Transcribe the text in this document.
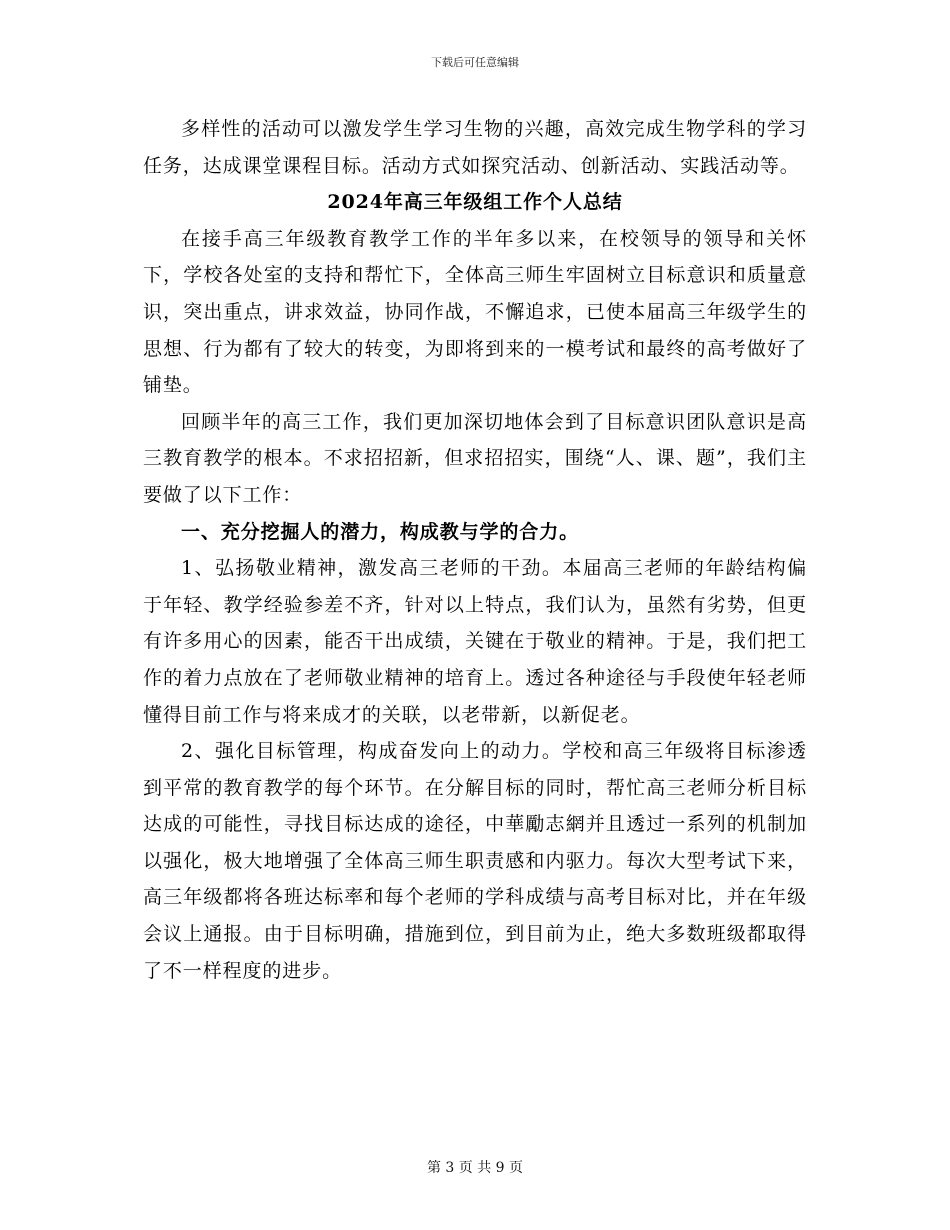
下载后可任意编辑

多样性的活动可以激发学生学习生物的兴趣，高效完成生物学科的学习任务，达成课堂课程目标。活动方式如探究活动、创新活动、实践活动等。

2024年高三年级组工作个人总结

在接手高三年级教育教学工作的半年多以来，在校领导的领导和关怀下，学校各处室的支持和帮忙下，全体高三师生牢固树立目标意识和质量意识，突出重点，讲求效益，协同作战，不懈追求，已使本届高三年级学生的思想、行为都有了较大的转变，为即将到来的一模考试和最终的高考做好了铺垫。

回顾半年的高三工作，我们更加深切地体会到了目标意识团队意识是高三教育教学的根本。不求招招新，但求招招实，围绕“人、课、题”，我们主要做了以下工作：

一、充分挖掘人的潜力，构成教与学的合力。

1、弘扬敬业精神，激发高三老师的干劲。本届高三老师的年龄结构偏于年轻、教学经验参差不齐，针对以上特点，我们认为，虽然有劣势，但更有许多用心的因素，能否干出成绩，关键在于敬业的精神。于是，我们把工作的着力点放在了老师敬业精神的培育上。透过各种途径与手段使年轻老师懂得目前工作与将来成才的关联，以老带新，以新促老。

2、强化目标管理，构成奋发向上的动力。学校和高三年级将目标渗透到平常的教育教学的每个环节。在分解目标的同时，帮忙高三老师分析目标达成的可能性，寻找目标达成的途径，中華勵志網并且透过一系列的机制加以强化，极大地增强了全体高三师生职责感和内驱力。每次大型考试下来，高三年级都将各班达标率和每个老师的学科成绩与高考目标对比，并在年级会议上通报。由于目标明确，措施到位，到目前为止，绝大多数班级都取得了不一样程度的进步。

第 3 页 共 9 页
